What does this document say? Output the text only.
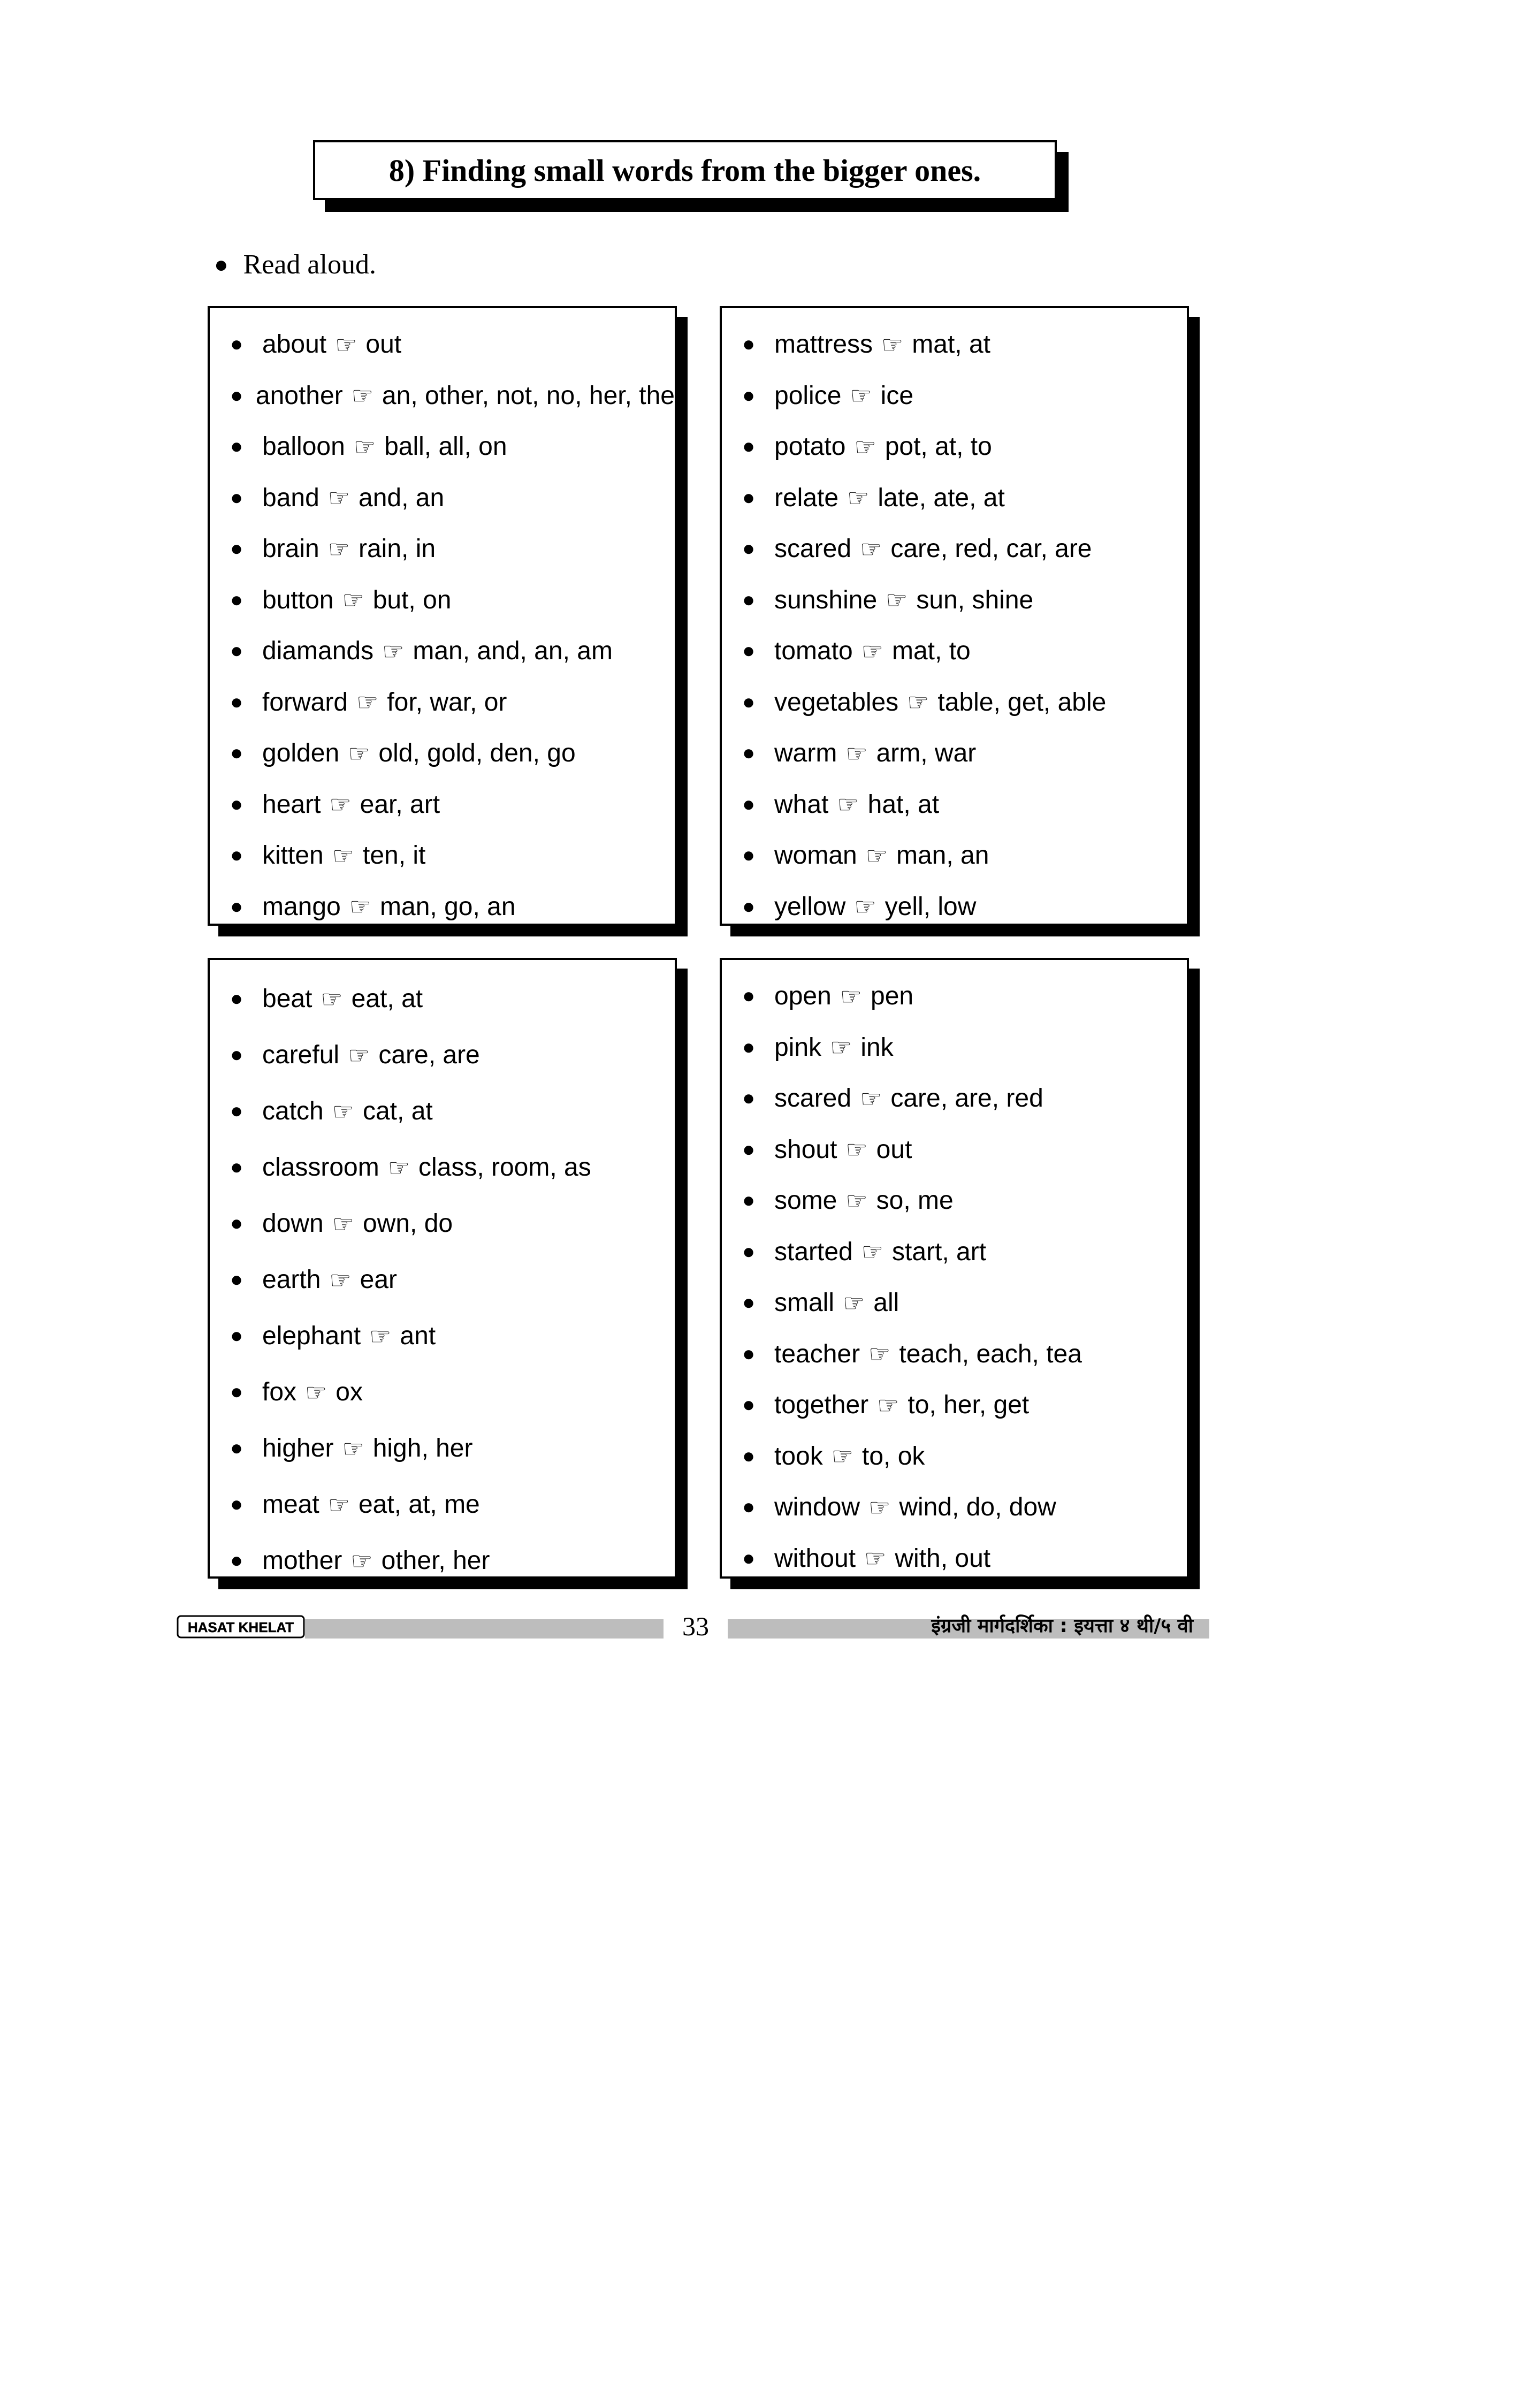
8) Finding small words from the bigger ones.
● Read aloud.
● about ☞ out
● another ☞ an, other, not, no, her, the
● balloon ☞ ball, all, on
● band ☞ and, an
● brain ☞ rain, in
● button ☞ but, on
● diamands ☞ man, and, an, am
● forward ☞ for, war, or
● golden ☞ old, gold, den, go
● heart ☞ ear, art
● kitten ☞ ten, it
● mango ☞ man, go, an
● mattress ☞ mat, at
● police ☞ ice
● potato ☞ pot, at, to
● relate ☞ late, ate, at
● scared ☞ care, red, car, are
● sunshine ☞ sun, shine
● tomato ☞ mat, to
● vegetables ☞ table, get, able
● warm ☞ arm, war
● what ☞ hat, at
● woman ☞ man, an
● yellow ☞ yell, low
● beat ☞ eat, at
● careful ☞ care, are
● catch ☞ cat, at
● classroom ☞ class, room, as
● down ☞ own, do
● earth ☞ ear
● elephant ☞ ant
● fox ☞ ox
● higher ☞ high, her
● meat ☞ eat, at, me
● mother ☞ other, her
● open ☞ pen
● pink ☞ ink
● scared ☞ care, are, red
● shout ☞ out
● some ☞ so, me
● started ☞ start, art
● small ☞ all
● teacher ☞ teach, each, tea
● together ☞ to, her, get
● took ☞ to, ok
● window ☞ wind, do, dow
● without ☞ with, out
HASAT KHELAT	33	इंग्रजी मार्गदर्शिका : इयत्ता ४ थी/५ वी
